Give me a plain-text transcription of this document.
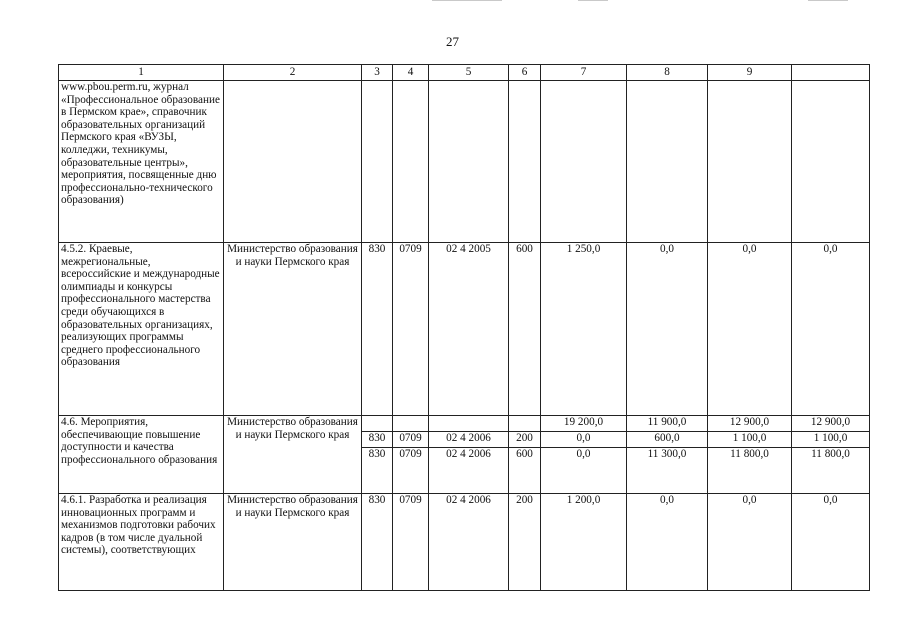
27
1	2	3	4	5	6	7	8	9	
www.pbou.perm.ru, журнал «Профессиональное образование в Пермском крае», справочник образовательных организаций Пермского края «ВУЗЫ, колледжи, техникумы, образовательные центры», мероприятия, посвященные дню профессионально-технического образования)									
4.5.2. Краевые, межрегиональные, всероссийские и международные олимпиады и конкурсы профессионального мастерства среди обучающихся в образовательных организациях, реализующих программы среднего профессионального образования	Министерство образования и науки Пермского края	830	0709	02 4 2005	600	1 250,0	0,0	0,0	0,0
4.6. Мероприятия, обеспечивающие повышение доступности и качества профессионального образования	Министерство образования и науки Пермского края					19 200,0	11 900,0	12 900,0	12 900,0
		830	0709	02 4 2006	200	0,0	600,0	1 100,0	1 100,0
		830	0709	02 4 2006	600	0,0	11 300,0	11 800,0	11 800,0
4.6.1. Разработка и реализация инновационных программ и механизмов подготовки рабочих кадров (в том числе дуальной системы), соответствующих	Министерство образования и науки Пермского края	830	0709	02 4 2006	200	1 200,0	0,0	0,0	0,0
